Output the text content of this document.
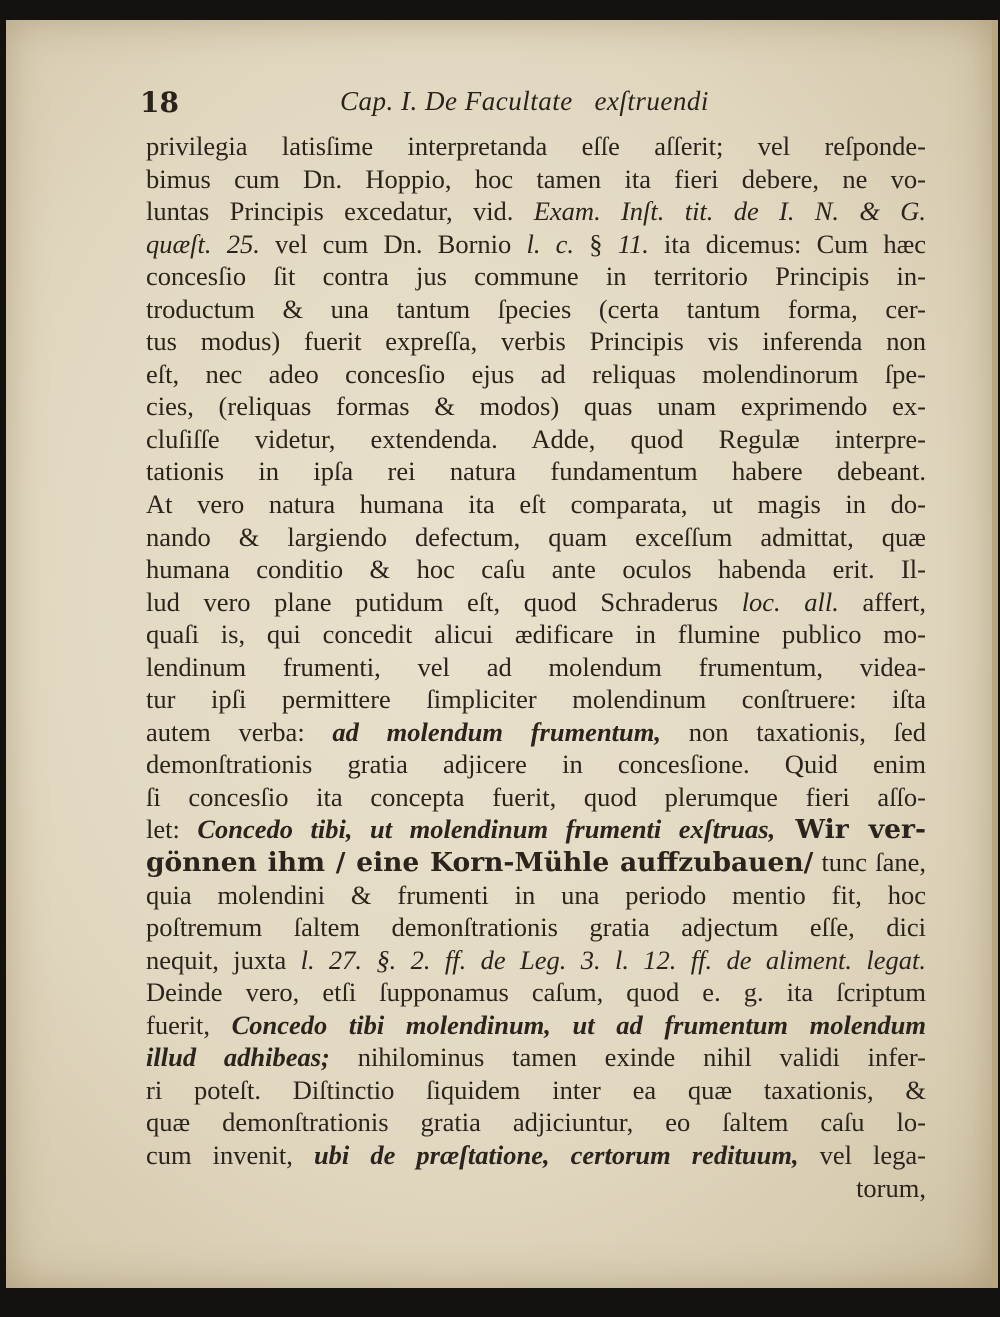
18	Cap. I. De Facultate   exſtruendi
privilegia latisſime interpretanda eſſe aſſerit; vel reſponde-
bimus cum Dn. Hoppio, hoc tamen ita fieri debere, ne vo-
luntas Principis excedatur, vid. Exam. Inſt. tit. de I. N. & G.
quæſt. 25. vel cum Dn. Bornio l. c. § 11. ita dicemus: Cum hæc
concesſio ſit contra jus commune in territorio Principis in-
troductum & una tantum ſpecies (certa tantum forma, cer-
tus modus) fuerit expreſſa, verbis Principis vis inferenda non
eſt, nec adeo concesſio ejus ad reliquas molendinorum ſpe-
cies, (reliquas formas & modos) quas unam exprimendo ex-
cluſiſſe videtur, extendenda. Adde, quod Regulæ interpre-
tationis in ipſa rei natura fundamentum habere debeant.
At vero natura humana ita eſt comparata, ut magis in do-
nando & largiendo defectum, quam exceſſum admittat, quæ
humana conditio & hoc caſu ante oculos habenda erit. Il-
lud vero plane putidum eſt, quod Schraderus loc. all. affert,
quaſi is, qui concedit alicui ædificare in flumine publico mo-
lendinum frumenti, vel ad molendum frumentum, videa-
tur ipſi permittere ſimpliciter molendinum conſtruere: iſta
autem verba: ad molendum frumentum, non taxationis, ſed
demonſtrationis gratia adjicere in concesſione. Quid enim
ſi concesſio ita concepta fuerit, quod plerumque fieri aſſo-
let: Concedo tibi, ut molendinum frumenti exſtruas, Wir ver-
gönnen ihm / eine Korn-Mühle auffzubauen/ tunc ſane,
quia molendini & frumenti in una periodo mentio fit, hoc
poſtremum ſaltem demonſtrationis gratia adjectum eſſe, dici
nequit, juxta l. 27. §. 2. ff. de Leg. 3. l. 12. ff. de aliment. legat.
Deinde vero, etſi ſupponamus caſum, quod e. g. ita ſcriptum
fuerit, Concedo tibi molendinum, ut ad frumentum molendum
illud adhibeas; nihilominus tamen exinde nihil validi infer-
ri poteſt. Diſtinctio ſiquidem inter ea quæ taxationis, &
quæ demonſtrationis gratia adjiciuntur, eo ſaltem caſu lo-
cum invenit, ubi de præſtatione, certorum redituum, vel lega-
torum,
